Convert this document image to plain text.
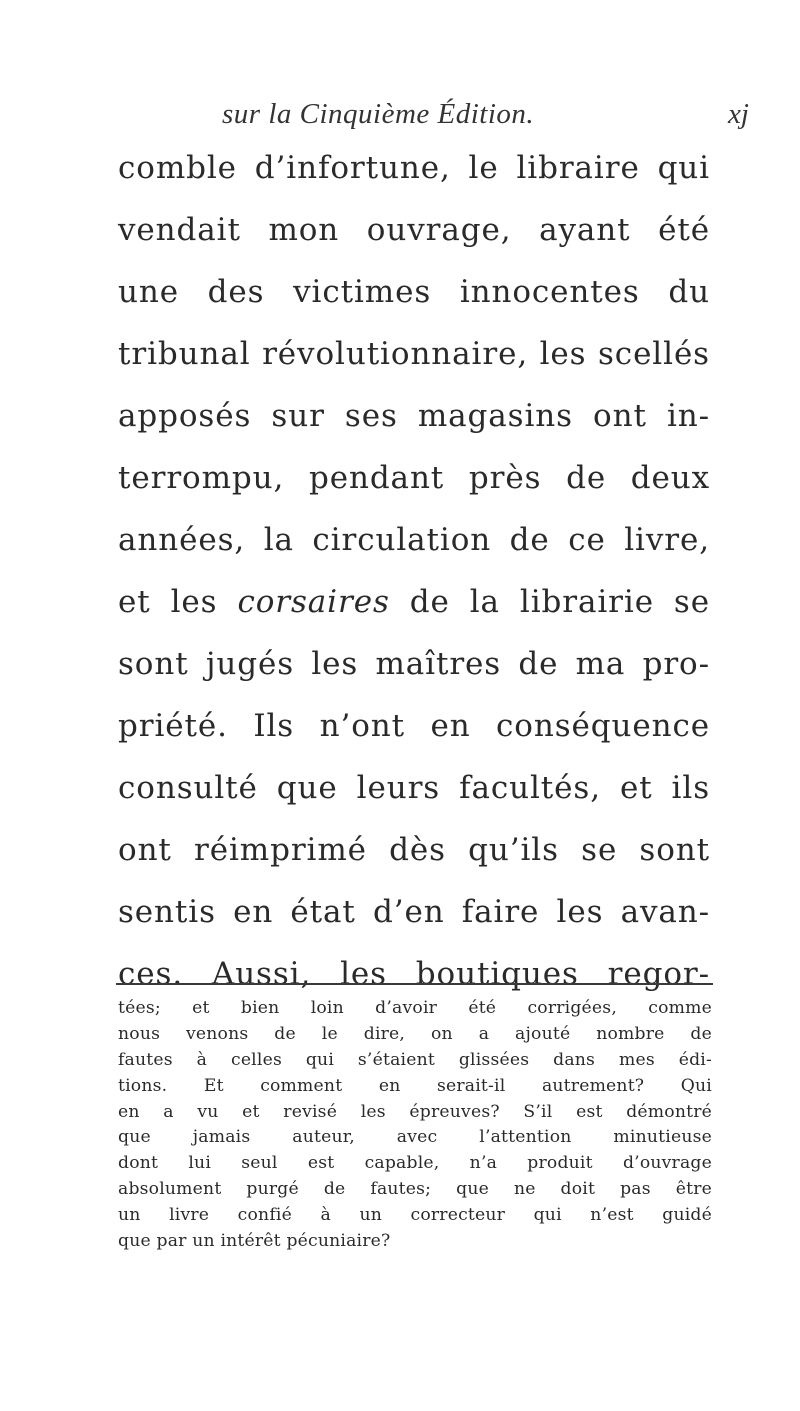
sur la Cinquième Édition.	xj
comble d’infortune, le libraire qui
vendait mon ouvrage, ayant été
une des victimes innocentes du
tribunal révolutionnaire, les scellés
apposés sur ses magasins ont in-
terrompu, pendant près de deux
années, la circulation de ce livre,
et les corsaires de la librairie se
sont jugés les maîtres de ma pro-
priété. Ils n’ont en conséquence
consulté que leurs facultés, et ils
ont réimprimé dès qu’ils se sont
sentis en état d’en faire les avan-
ces. Aussi, les boutiques regor-
tées; et bien loin d’avoir été corrigées, comme
nous venons de le dire, on a ajouté nombre de
fautes à celles qui s’étaient glissées dans mes édi-
tions. Et comment en serait-il autrement? Qui
en a vu et revisé les épreuves? S’il est démontré
que jamais auteur, avec l’attention minutieuse
dont lui seul est capable, n’a produit d’ouvrage
absolument purgé de fautes; que ne doit pas être
un livre confié à un correcteur qui n’est guidé
que par un intérêt pécuniaire?
